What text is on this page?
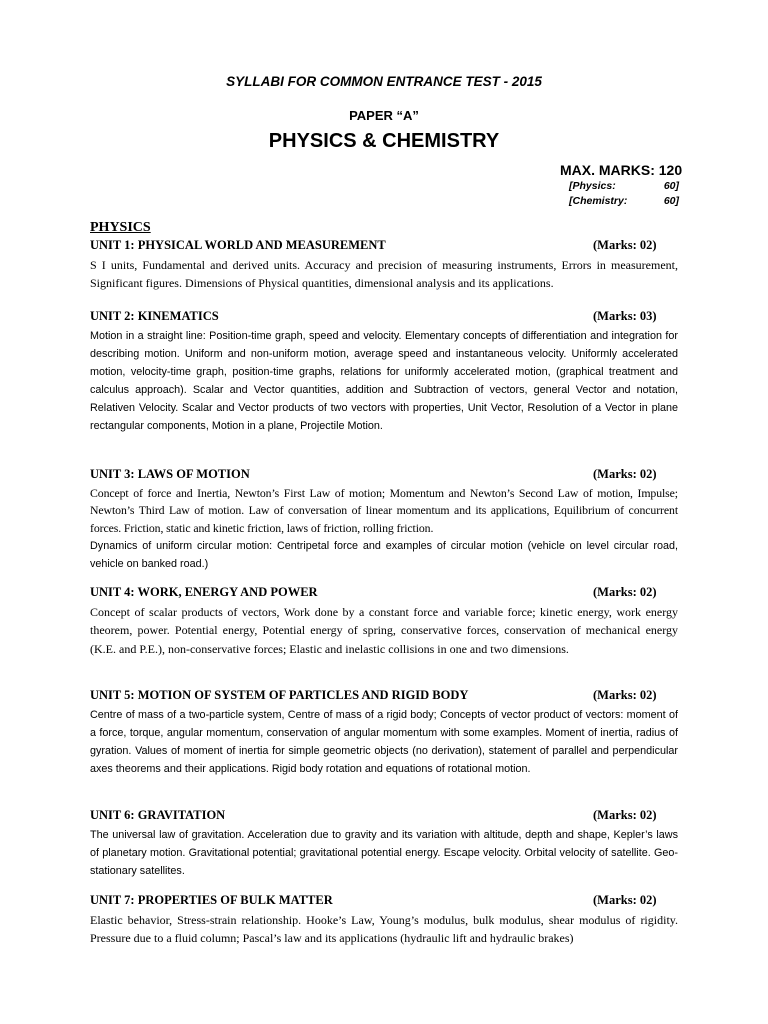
SYLLABI FOR COMMON ENTRANCE TEST - 2015
PAPER “A”
PHYSICS & CHEMISTRY
MAX. MARKS: 120
[Physics:	60]
[Chemistry:	60]
PHYSICS
UNIT 1: PHYSICAL WORLD AND MEASUREMENT	(Marks: 02)

S I units, Fundamental and derived units. Accuracy and precision of measuring instruments, Errors in measurement, Significant figures. Dimensions of Physical quantities, dimensional analysis and its applications.

UNIT 2: KINEMATICS	(Marks: 03)

Motion in a straight line: Position-time graph, speed and velocity. Elementary concepts of differentiation and integration for describing motion. Uniform and non-uniform motion, average speed and instantaneous velocity. Uniformly accelerated motion, velocity-time graph, position-time graphs, relations for uniformly accelerated motion, (graphical treatment and calculus approach). Scalar and Vector quantities, addition and Subtraction of vectors, general Vector and notation, Relativen Velocity. Scalar and Vector products of two vectors with properties, Unit Vector, Resolution of a Vector in plane rectangular components, Motion in a plane, Projectile Motion.

UNIT 3: LAWS OF MOTION	(Marks: 02)

Concept of force and Inertia, Newton’s First Law of motion; Momentum and Newton’s Second Law of motion, Impulse; Newton’s Third Law of motion. Law of conversation of linear momentum and its applications, Equilibrium of concurrent forces. Friction, static and kinetic friction, laws of friction, rolling friction.

Dynamics of uniform circular motion: Centripetal force and examples of circular motion (vehicle on level circular road, vehicle on banked road.)

UNIT 4: WORK, ENERGY AND POWER	(Marks: 02)

Concept of scalar products of vectors, Work done by a constant force and variable force; kinetic energy, work energy theorem, power. Potential energy, Potential energy of spring, conservative forces, conservation of mechanical energy (K.E. and P.E.), non-conservative forces; Elastic and inelastic collisions in one and two dimensions.

UNIT 5: MOTION OF SYSTEM OF PARTICLES AND RIGID BODY	(Marks: 02)

Centre of mass of a two-particle system, Centre of mass of a rigid body; Concepts of vector product of vectors: moment of a force, torque, angular momentum, conservation of angular momentum with some examples. Moment of inertia, radius of gyration. Values of moment of inertia for simple geometric objects (no derivation), statement of parallel and perpendicular axes theorems and their applications. Rigid body rotation and equations of rotational motion.

UNIT 6: GRAVITATION	(Marks: 02)

The universal law of gravitation. Acceleration due to gravity and its variation with altitude, depth and shape, Kepler’s laws of planetary motion. Gravitational potential; gravitational potential energy. Escape velocity. Orbital velocity of satellite. Geo-stationary satellites.

UNIT 7: PROPERTIES OF BULK MATTER	(Marks: 02)

Elastic behavior, Stress-strain relationship. Hooke’s Law, Young’s modulus, bulk modulus, shear modulus of rigidity. Pressure due to a fluid column; Pascal’s law and its applications (hydraulic lift and hydraulic brakes)
